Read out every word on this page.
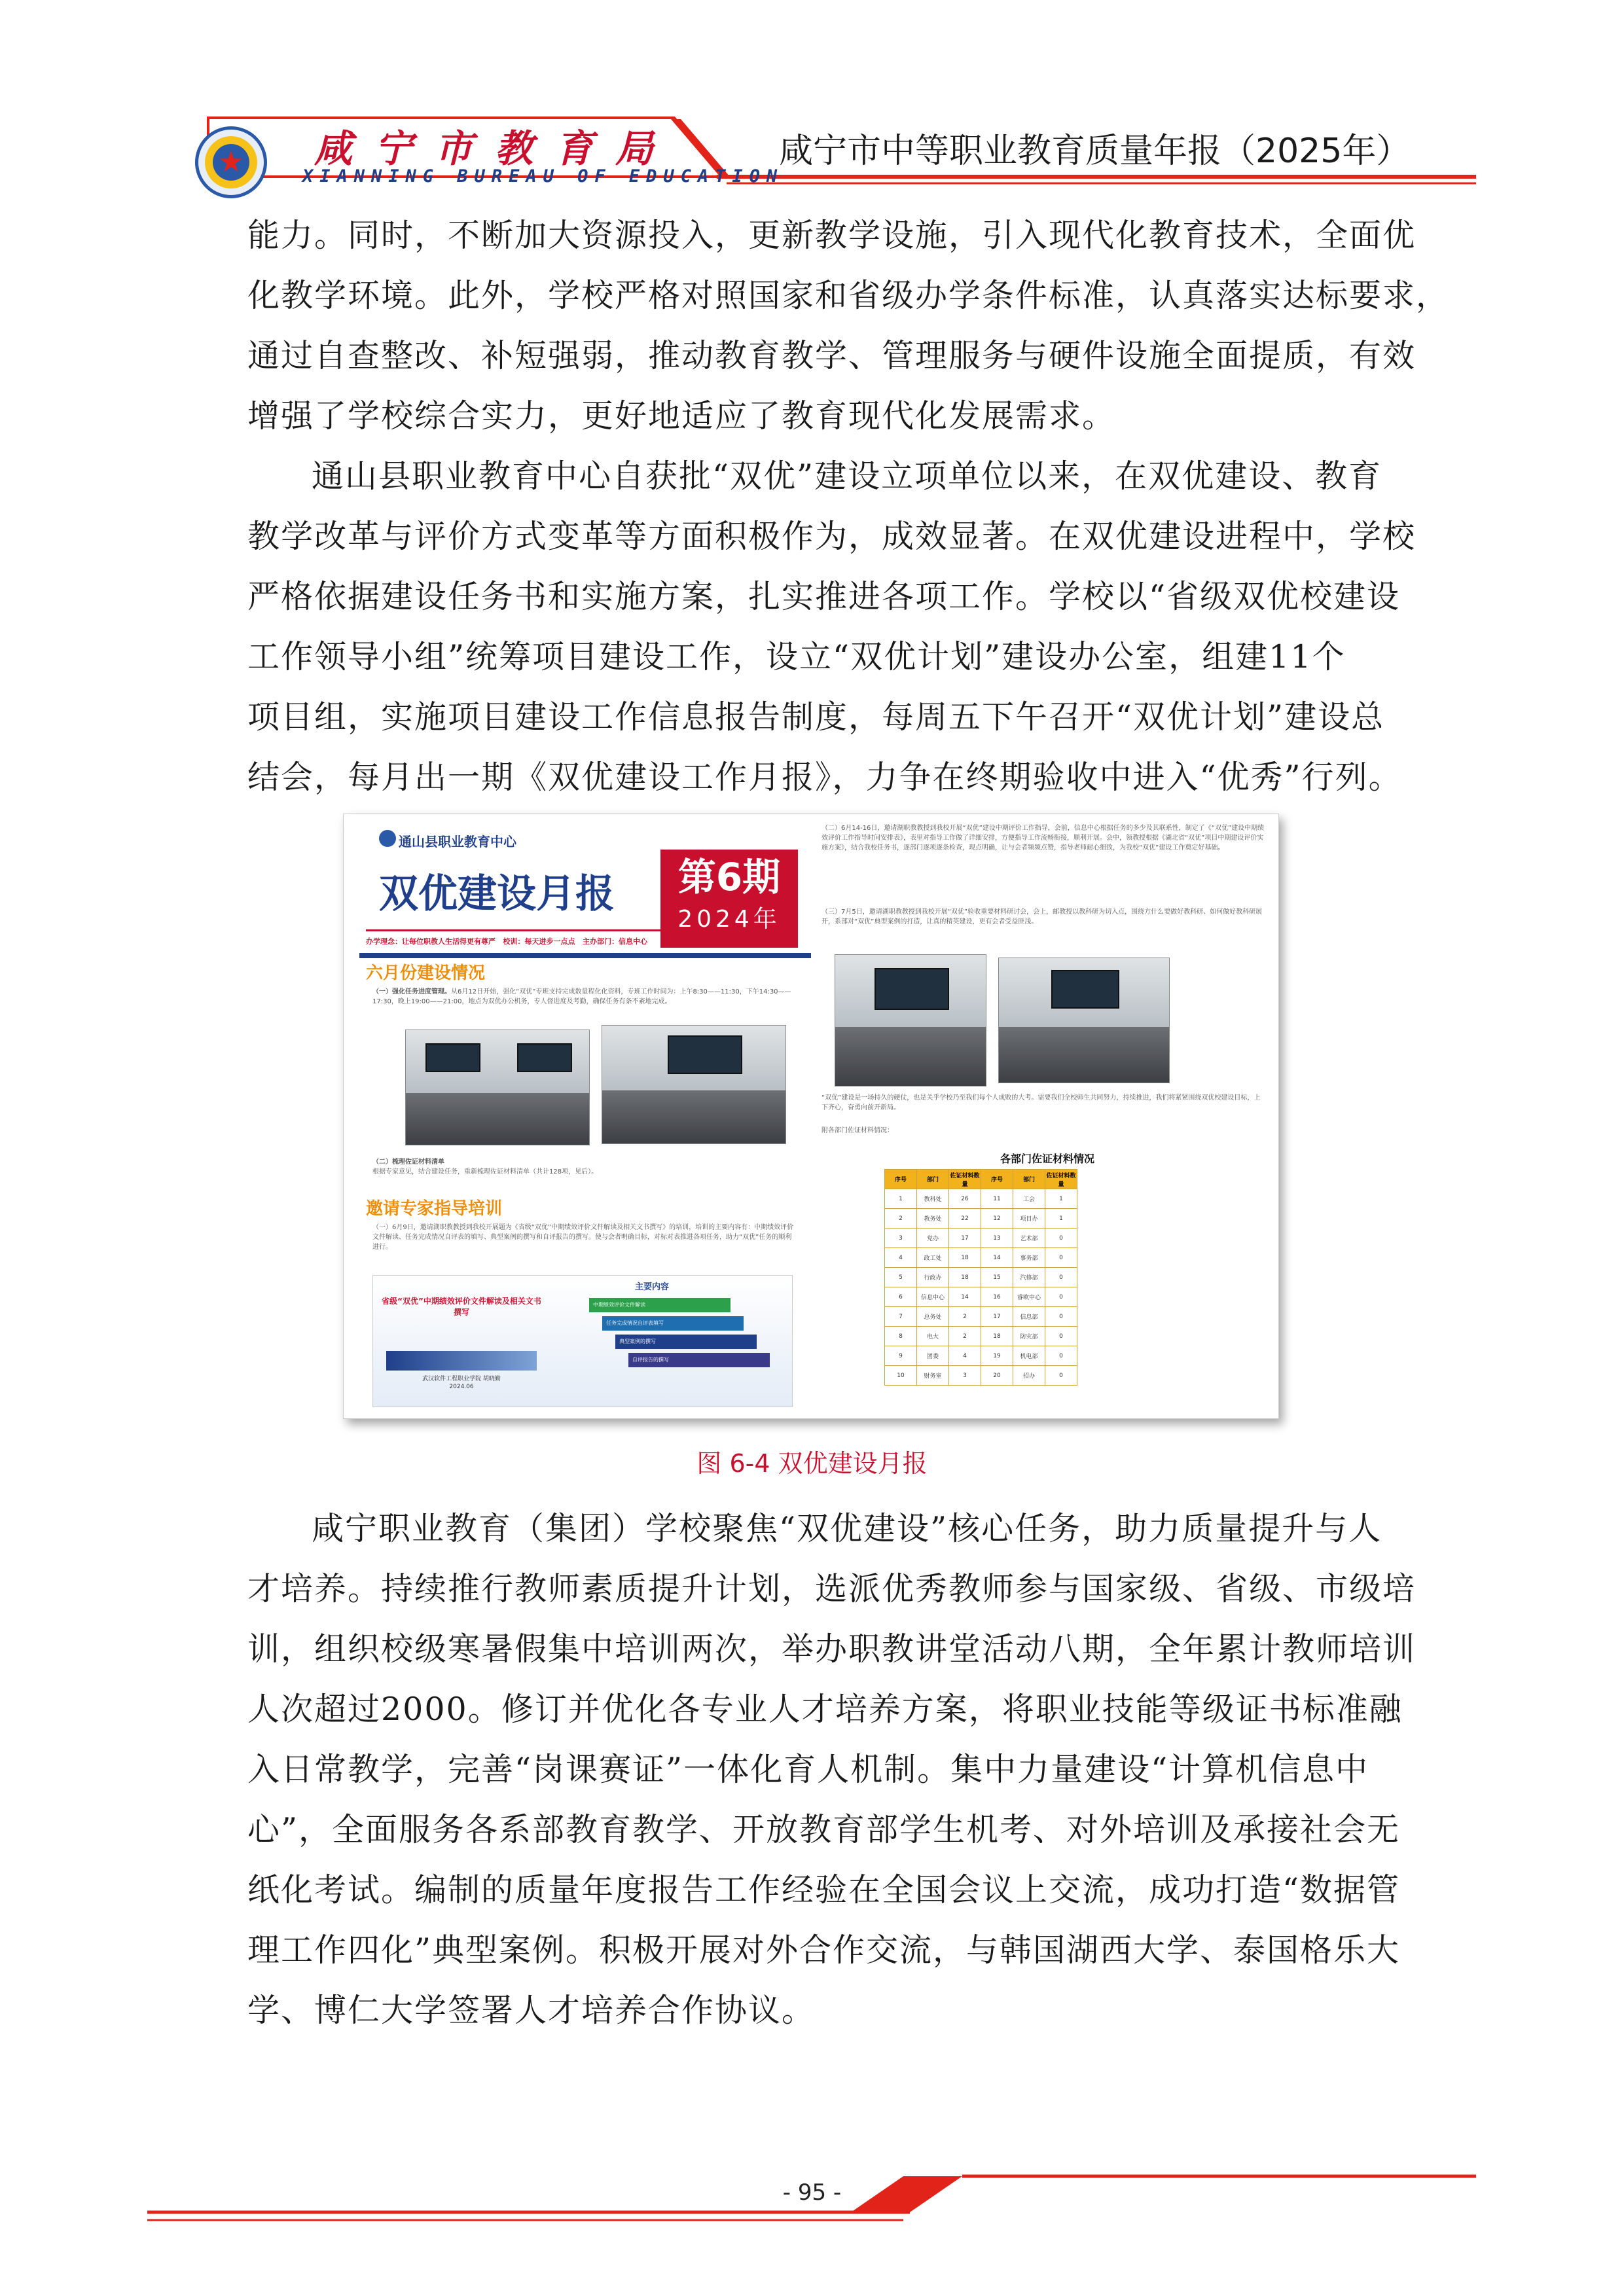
★	咸宁市教育局
XIANNING BUREAU OF EDUCATION
咸宁市中等职业教育质量年报（2025年）
能力。同时，不断加大资源投入，更新教学设施，引入现代化教育技术，全面优
化教学环境。此外，学校严格对照国家和省级办学条件标准，认真落实达标要求，
通过自查整改、补短强弱，推动教育教学、管理服务与硬件设施全面提质，有效
增强了学校综合实力，更好地适应了教育现代化发展需求。
通山县职业教育中心自获批“双优”建设立项单位以来，在双优建设、教育
教学改革与评价方式变革等方面积极作为，成效显著。在双优建设进程中，学校
严格依据建设任务书和实施方案，扎实推进各项工作。学校以“省级双优校建设
工作领导小组”统筹项目建设工作，设立“双优计划”建设办公室，组建11个
项目组，实施项目建设工作信息报告制度，每周五下午召开“双优计划”建设总
结会，每月出一期《双优建设工作月报》，力争在终期验收中进入“优秀”行列。
通山县职业教育中心
双优建设月报	第6期
2024年
办学理念：让每位职教人生活得更有尊严 校训：每天进步一点点 主办部门：信息中心
六月份建设情况
（一）强化任务进度管理。从6月12日开始，强化“双优”专班支持完成数量程化化资料，专班工作时间为：上午8:30——11:30，下午14:30——17:30，晚上19:00——21:00，地点为双优办公机务，专人督进度及考勤，确保任务有条不紊地完成。
（二）梳理佐证材料清单
根据专家意见，结合建设任务，重新梳理佐证材料清单（共计128项，见后）。
邀请专家指导培训
（一）6月9日，邀请湖职教教授到我校开展题为《省级“双优”中期绩效评价文件解读及相关文书撰写》的培训，培训的主要内容有：中期绩效评价文件解读、任务完成情况自评表的填写、典型案例的撰写和自评报告的撰写。使与会者明确目标，对标对表推进各项任务，助力“双优”任务的顺利进行。
省级“双优”中期绩效评价文件解读及相关文书撰写
武汉软件工程职业学院 胡晓勤
2024.06
主要内容
中期绩效评价文件解读
任务完成情况自评表填写
典型案例的撰写
自评报告的撰写
（二）6月14-16日，邀请湖职教教授到我校开展“双优”建设中期评价工作指导，会前，信息中心根据任务的多少及其联系性，制定了《“双优”建设中期绩效评价工作指导时间安排表》，表里对指导工作做了详细安排，方便指导工作流畅衔接，顺利开展。会中，领教授根据《湖北省“双优”项目中期建设评价实施方案》，结合我校任务书，逐部门逐项逐条检查，现点明确，让与会者频频点赞，指导老师耐心细致，为我校“双优”建设工作奠定好基础。
（三）7月5日，邀请湖职教教授到我校开展“双优”验收重要材料研讨会，会上，邮教授以教科研为切入点，围绕方什么要做好教科研、如何做好教科研展开，系部对“双优”典型案例的打造，让真的精英建设，更有会者受益匪浅。
“双优”建设是一场持久的硬仗，也是关乎学校乃至我们每个人成败的大考。需要我们全校师生共同努力，持续推进，我们将紧紧围绕双优校建设目标，上下齐心，奋勇向前开新局。
附各部门佐证材料情况：
各部门佐证材料情况
序号	部门	佐证材料数量	序号	部门	佐证材料数量
1	教科处	26	11	工会	1
2	教务处	22	12	项目办	1
3	党办	17	13	艺术部	0
4	政工处	18	14	事务部	0
5	行政办	18	15	汽修部	0
6	信息中心	14	16	睿欧中心	0
7	总务处	2	17	信息部	0
8	电大	2	18	防灾部	0
9	团委	4	19	机电部	0
10	财务室	3	20	招办	0
图 6-4 双优建设月报
咸宁职业教育（集团）学校聚焦“双优建设”核心任务，助力质量提升与人
才培养。持续推行教师素质提升计划，选派优秀教师参与国家级、省级、市级培
训，组织校级寒暑假集中培训两次，举办职教讲堂活动八期，全年累计教师培训
人次超过2000。修订并优化各专业人才培养方案，将职业技能等级证书标准融
入日常教学，完善“岗课赛证”一体化育人机制。集中力量建设“计算机信息中
心”，全面服务各系部教育教学、开放教育部学生机考、对外培训及承接社会无
纸化考试。编制的质量年度报告工作经验在全国会议上交流，成功打造“数据管
理工作四化”典型案例。积极开展对外合作交流，与韩国湖西大学、泰国格乐大
学、博仁大学签署人才培养合作协议。
- 95 -
